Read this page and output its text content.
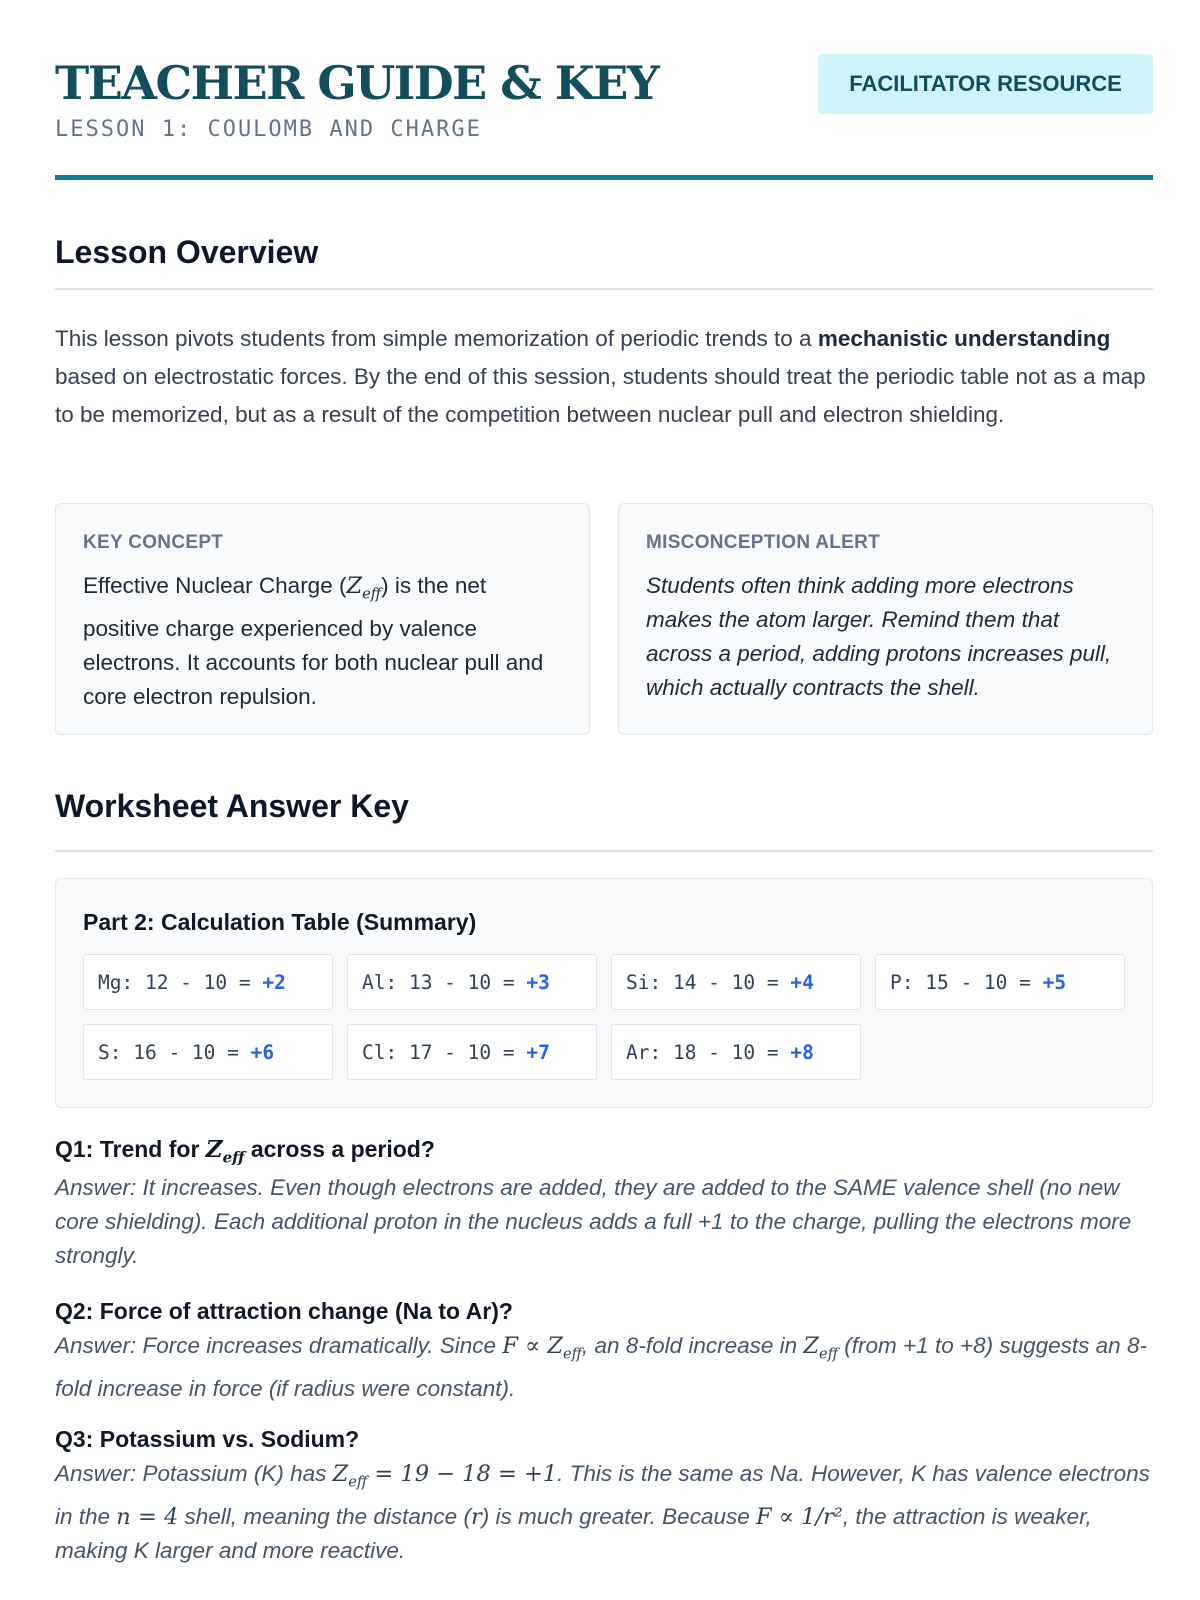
TEACHER GUIDE & KEY
LESSON 1: COULOMB AND CHARGE
FACILITATOR RESOURCE
Lesson Overview

This lesson pivots students from simple memorization of periodic trends to a mechanistic understanding based on electrostatic forces. By the end of this session, students should treat the periodic table not as a map to be memorized, but as a result of the competition between nuclear pull and electron shielding.

KEY CONCEPT
Effective Nuclear Charge $(Z_{eff})$ is the net positive charge experienced by valence electrons. It accounts for both nuclear pull and core electron repulsion.
MISCONCEPTION ALERT
Students often think adding more electrons makes the atom larger. Remind them that across a period, adding protons increases pull, which actually contracts the shell.
Worksheet Answer Key
Part 2: Calculation Table (Summary)
Mg: 12 - 10 = +2	Al: 13 - 10 = +3	Si: 14 - 10 = +4	P: 15 - 10 = +5
S: 16 - 10 = +6	Cl: 17 - 10 = +7	Ar: 18 - 10 = +8
Q1: Trend for $Z_{eff}$ across a period?
Answer: It increases. Even though electrons are added, they are added to the SAME valence shell (no new core shielding). Each additional proton in the nucleus adds a full +1 to the charge, pulling the electrons more strongly.
Q2: Force of attraction change (Na to Ar)?
Answer: Force increases dramatically. Since $F \propto Z_{eff}$, an 8-fold increase in $Z_{eff}$ (from +1 to +8) suggests an 8-fold increase in force (if radius were constant).
Q3: Potassium vs. Sodium?
Answer: Potassium (K) has $Z_{eff} = 19 - 18 = +1$. This is the same as Na. However, K has valence electrons in the n = 4 shell, meaning the distance (r) is much greater. Because F ∝ 1/r², the attraction is weaker, making K larger and more reactive.
